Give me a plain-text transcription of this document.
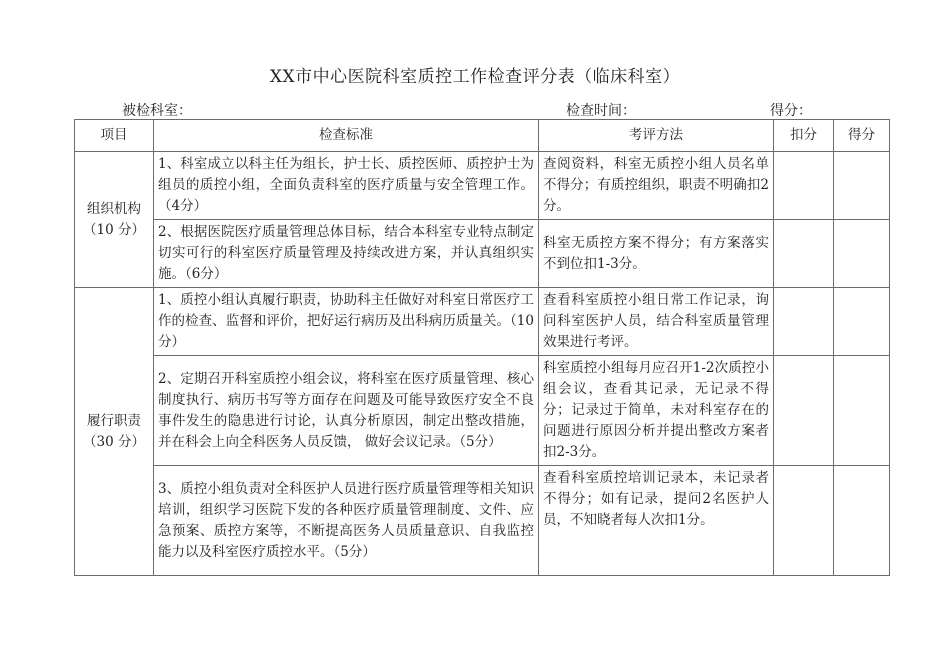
XX市中心医院科室质控工作检查评分表（临床科室）
被检科室：	检查时间：	得分：
项目	检查标准	考评方法	扣分	得分

组织机构
（10 分）	1、科室成立以科主任为组长，护士长、质控医师、质控护士为组员的质控小组，全面负责科室的医疗质量与安全管理工作。（4分）	查阅资料，科室无质控小组人员名单不得分；有质控组织，职责不明确扣2分。		
	2、根据医院医疗质量管理总体目标，结合本科室专业特点制定切实可行的科室医疗质量管理及持续改进方案，并认真组织实施。（6分）	科室无质控方案不得分；有方案落实不到位扣1-3分。		

履行职责
（30 分）	1、质控小组认真履行职责，协助科主任做好对科室日常医疗工作的检查、监督和评价，把好运行病历及出科病历质量关。（10分）	查看科室质控小组日常工作记录，询问科室医护人员，结合科室质量管理效果进行考评。		
	2、定期召开科室质控小组会议，将科室在医疗质量管理、核心制度执行、病历书写等方面存在问题及可能导致医疗安全不良事件发生的隐患进行讨论，认真分析原因，制定出整改措施，并在科会上向全科医务人员反馈， 做好会议记录。（5分）	科室质控小组每月应召开1-2次质控小组会议，查看其记录，无记录不得分；记录过于简单，未对科室存在的问题进行原因分析并提出整改方案者扣2-3分。		
	3、质控小组负责对全科医护人员进行医疗质量管理等相关知识培训，组织学习医院下发的各种医疗质量管理制度、文件、应急预案、质控方案等，不断提高医务人员质量意识、自我监控能力以及科室医疗质控水平。（5分）	查看科室质控培训记录本，未记录者不得分；如有记录，提问2名医护人员，不知晓者每人次扣1分。		
